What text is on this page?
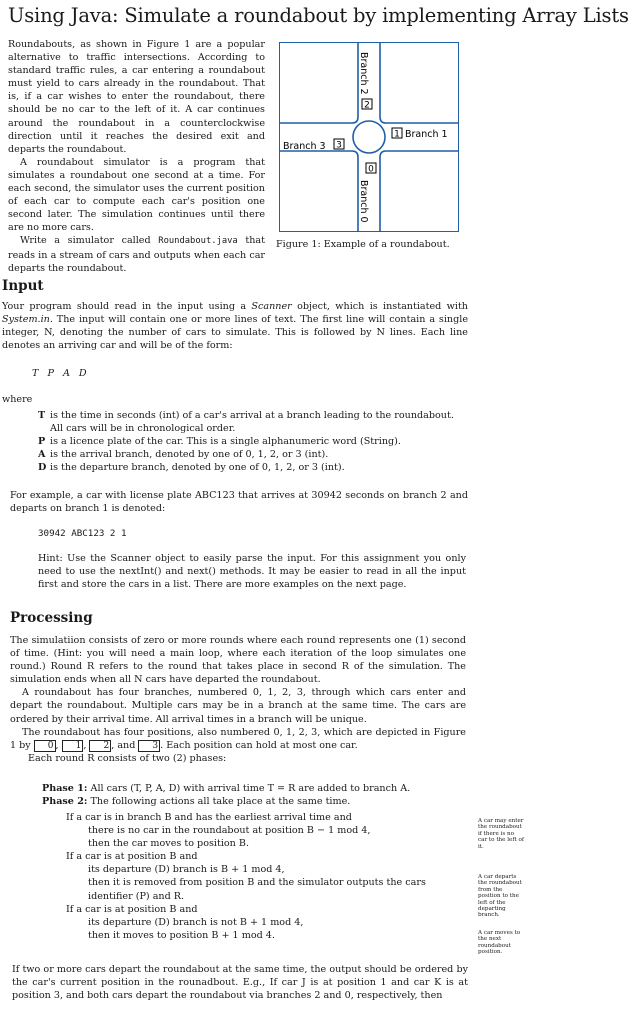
Using Java: Simulate a roundabout by implementing Array Lists

Roundabouts, as shown in Figure 1 are a popular alternative to traffic intersections. According to standard traffic rules, a car entering a roundabout must yield to cars already in the roundabout. That is, if a car wishes to enter the roundabout, there should be no car to the left of it. A car continues around the roundabout in a counterclockwise direction until it reaches the desired exit and departs the roundabout.

A roundabout simulator is a program that simulates a roundabout one second at a time. For each second, the simulator uses the current position of each car to compute each car's position one second later. The simulation continues until there are no more cars.

Write a simulator called Roundabout.java that reads in a stream of cars and outputs when each car departs the roundabout.

2
1
3
0
Branch 1
Branch 3
Branch 2
Branch 0
Figure 1: Example of a roundabout.
Input

Your program should read in the input using a Scanner object, which is instantiated with System.in. The input will contain one or more lines of text. The first line will contain a single integer, N, denoting the number of cars to simulate. This is followed by N lines. Each line denotes an arriving car and will be of the form:

T P A D
where
T is the time in seconds (int) of a car's arrival at a branch leading to the roundabout. All cars will be in chronological order.
P is a licence plate of the car. This is a single alphanumeric word (String).
A is the arrival branch, denoted by one of 0, 1, 2, or 3 (int).
D is the departure branch, denoted by one of 0, 1, 2, or 3 (int).
For example, a car with license plate ABC123 that arrives at 30942 seconds on branch 2 and departs on branch 1 is denoted:
30942 ABC123 2 1
Hint: Use the Scanner object to easily parse the input. For this assignment you only need to use the nextInt() and next() methods. It may be easier to read in all the input first and store the cars in a list. There are more examples on the next page.
Processing

The simulatiion consists of zero or more rounds where each round represents one (1) second of time. (Hint: you will need a main loop, where each iteration of the loop simulates one round.) Round R refers to the round that takes place in second R of the simulation. The simulation ends when all N cars have departed the roundabout.

A roundabout has four branches, numbered 0, 1, 2, 3, through which cars enter and depart the roundabout. Multiple cars may be in a branch at the same time. The cars are ordered by their arrival time. All arrival times in a branch will be unique.

The roundabout has four positions, also numbered 0, 1, 2, 3, which are depicted in Figure 1 by 0 , 1 , 2 , and 3 . Each position can hold at most one car.

Each round R consists of two (2) phases:

Phase 1: All cars (T, P, A, D) with arrival time T = R are added to branch A.
Phase 2: The following actions all take place at the same time.
If a car is in branch B and has the earliest arrival time and
there is no car in the roundabout at position B − 1 mod 4,
then the car moves to position B.
If a car is at position B and
its departure (D) branch is B + 1 mod 4,
then it is removed from position B and the simulator outputs the cars
identifier (P) and R.
If a car is at position B and
its departure (D) branch is not B + 1 mod 4,
then it moves to position B + 1 mod 4.
A car may enter the roundabout if there is no car to the left of it.
A car departs the roundabout from the position to the left of the departing branch.
A car moves to the next roundabout position.
If two or more cars depart the roundabout at the same time, the output should be ordered by the car's current position in the rounadbout. E.g., If car J is at position 1 and car K is at position 3, and both cars depart the roundabout via branches 2 and 0, respectively, then
